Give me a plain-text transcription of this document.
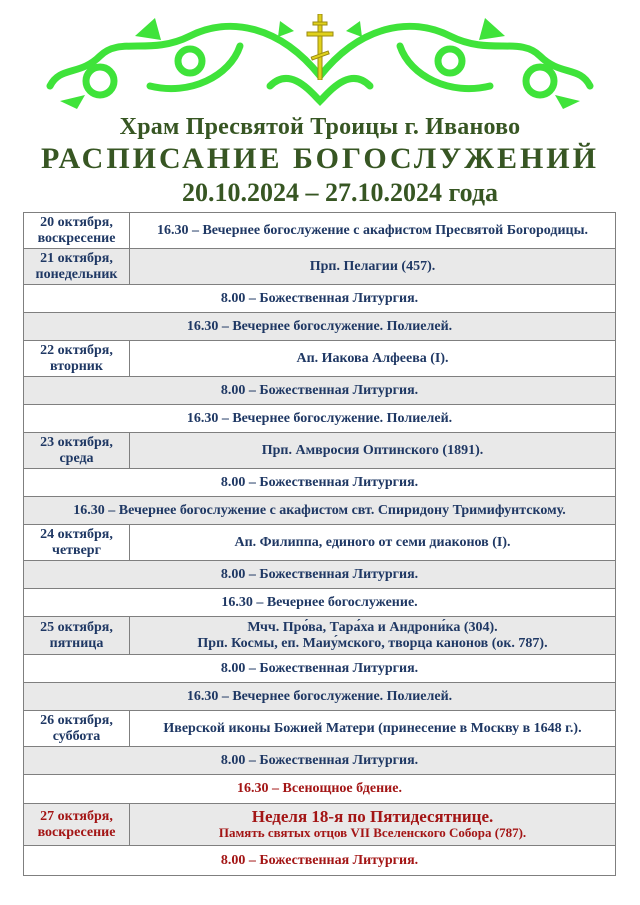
Храм Пресвятой Троицы г. Иваново
РАСПИСАНИЕ БОГОСЛУЖЕНИЙ
20.10.2024 – 27.10.2024 года
20 октября, воскресение	16.30 – Вечернее богослужение с акафистом Пресвятой Богородицы.
21 октября, понедельник	Прп. Пелагии (457).
8.00 – Божественная Литургия.	
16.30 – Вечернее богослужение. Полиелей.	
22 октября, вторник	Ап. Иакова Алфеева (I).
8.00 – Божественная Литургия.	
16.30 – Вечернее богослужение. Полиелей.	
23 октября, среда	Прп. Амвросия Оптинского (1891).
8.00 – Божественная Литургия.	
16.30 – Вечернее богослужение с акафистом свт. Спиридону Тримифунтскому.	
24 октября, четверг	Ап. Филиппа, единого от семи диаконов (I).
8.00 – Божественная Литургия.	
16.30 – Вечернее богослужение.	
25 октября, пятница	Мчч. Про́ва, Тара́ха и Андрони́ка (304).
Прп. Космы, еп. Маиу́мского, творца канонов (ок. 787).

8.00 – Божественная Литургия.	
16.30 – Вечернее богослужение. Полиелей.	
26 октября, суббота	Иверской иконы Божией Матери (принесение в Москву в 1648 г.).
8.00 – Божественная Литургия.	
16.30 – Всенощное бдение.	
27 октября, воскресение	Неделя 18-я по Пятидесятнице.
Память святых отцов VII Вселенского Собора (787).

8.00 – Божественная Литургия.	
